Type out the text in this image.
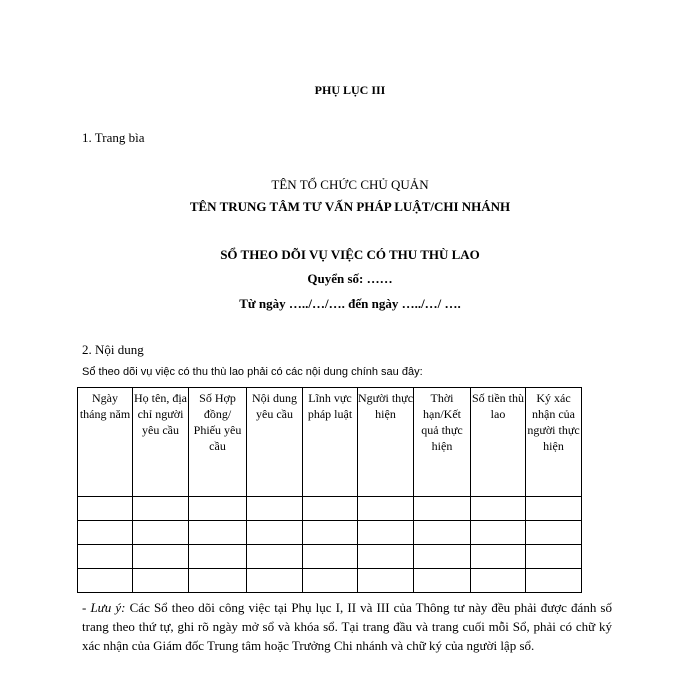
PHỤ LỤC III
1. Trang bìa
TÊN TỔ CHỨC CHỦ QUẢN
TÊN TRUNG TÂM TƯ VẤN PHÁP LUẬT/CHI NHÁNH
SỔ THEO DÕI VỤ VIỆC CÓ THU THÙ LAO
Quyển số: ……
Từ ngày …../…/…. đến ngày …../…/ ….
2. Nội dung
Sổ theo dõi vụ việc có thu thù lao phải có các nội dung chính sau đây:
Ngày tháng năm	Họ tên, địa chỉ người yêu cầu	Số Hợp đồng/ Phiếu yêu cầu	Nội dung yêu cầu	Lĩnh vực pháp luật	Người thực hiện	Thời hạn/Kết quả thực hiện	Số tiền thù lao	Ký xác nhận của người thực hiện

- Lưu ý: Các Sổ theo dõi công việc tại Phụ lục I, II và III của Thông tư này đều phải được đánh số trang theo thứ tự, ghi rõ ngày mở sổ và khóa sổ. Tại trang đầu và trang cuối mỗi Sổ, phải có chữ ký xác nhận của Giám đốc Trung tâm hoặc Trưởng Chi nhánh và chữ ký của người lập sổ.
